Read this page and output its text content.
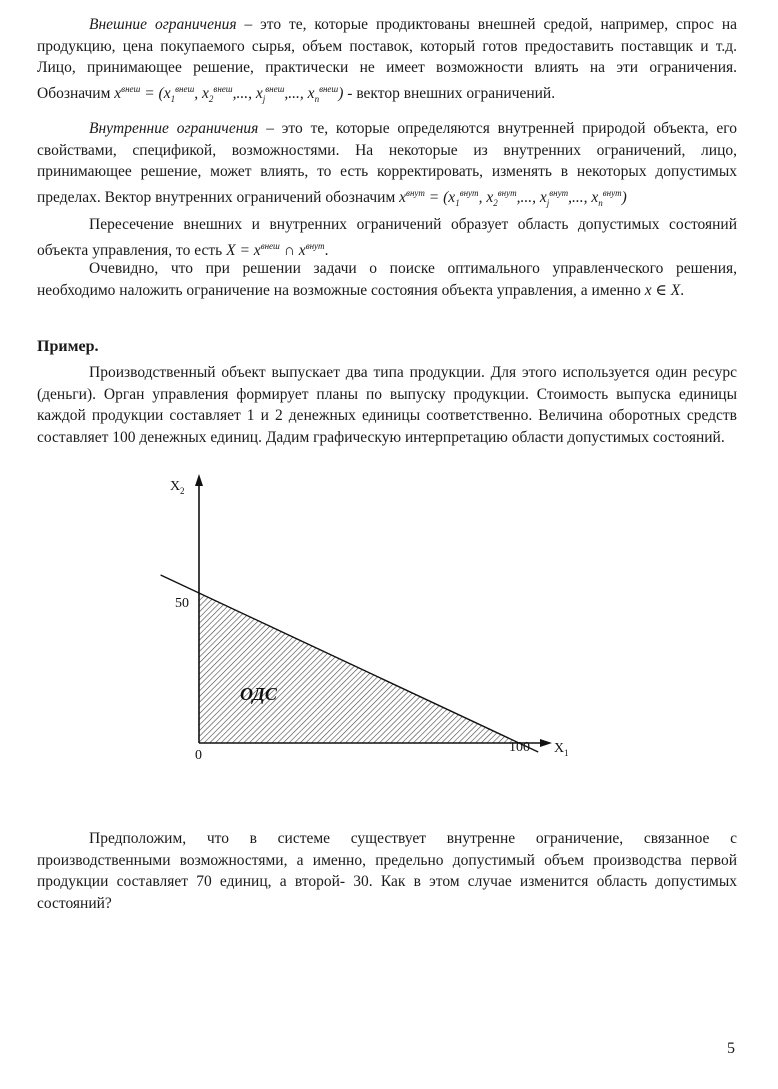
Внешние ограничения – это те, которые продиктованы внешней средой, например, спрос на продукцию, цена покупаемого сырья, объем поставок, который готов предоставить поставщик и т.д. Лицо, принимающее решение, практически не имеет возможности влиять на эти ограничения. Обозначим $x^{внеш} = (x_1^{внеш}$, $x_2^{внеш}$,..., $x_j^{внеш}$,..., $x_n^{внеш}$) - вектор внешних ограничений.

Внутренние ограничения – это те, которые определяются внутренней природой объекта, его свойствами, спецификой, возможностями. На некоторые из внутренних ограничений, лицо, принимающее решение, может влиять, то есть корректировать, изменять в некоторых допустимых пределах. Вектор внутренних ограничений обозначим $x^{внут} = (x_1^{внут}$, $x_2^{внут}$,..., $x_j^{внут}$,..., $x_n^{внут}$)

Пересечение внешних и внутренних ограничений образует область допустимых состояний объекта управления, то есть $X = x^{внеш}$ ∩ $x^{внут}$.

Очевидно, что при решении задачи о поиске оптимального управленческого решения, необходимо наложить ограничение на возможные состояния объекта управления, а именно x ∈ X.

Пример.

Производственный объект выпускает два типа продукции. Для этого используется один ресурс (деньги). Орган управления формирует планы по выпуску продукции. Стоимость выпуска единицы каждой продукции составляет 1 и 2 денежных единицы соответственно. Величина оборотных средств составляет 100 денежных единиц. Дадим графическую интерпретацию области допустимых состояний.

50
0
100
ОДС
X
X
2
1

Предположим, что в системе существует внутренне ограничение, связанное с производственными возможностями, а именно, предельно допустимый объем производства первой продукции составляет 70 единиц, а второй- 30. Как в этом случае изменится область допустимых состояний?

5
